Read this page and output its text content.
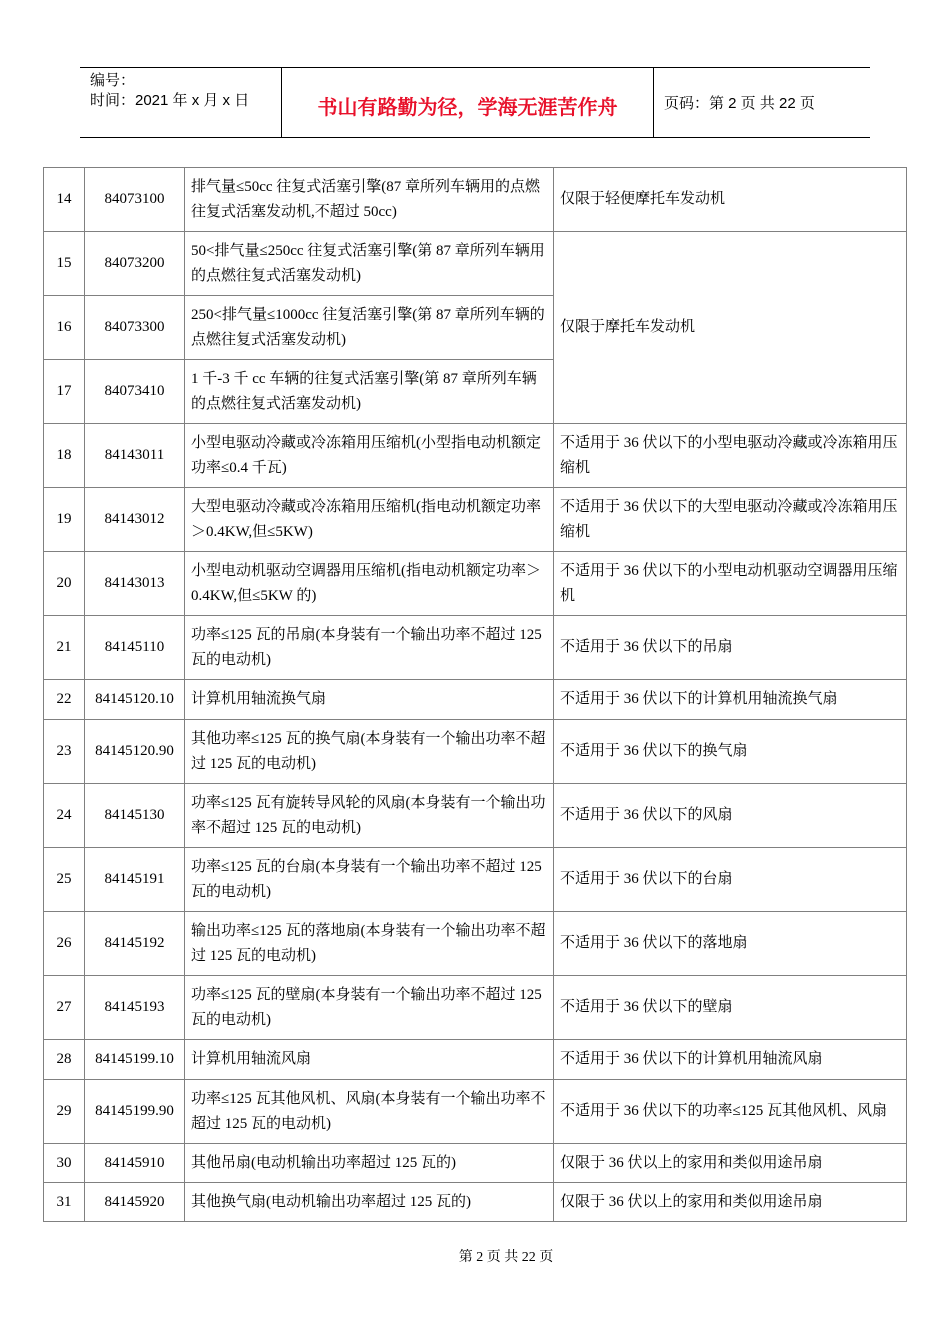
编号：
时间：2021 年 x 月 x 日	书山有路勤为径，学海无涯苦作舟	页码：第 2 页 共 22 页
14	84073100	排气量≤50cc 往复式活塞引擎(87 章所列车辆用的点燃往复式活塞发动机,不超过 50cc)	仅限于轻便摩托车发动机
15	84073200	50<排气量≤250cc 往复式活塞引擎(第 87 章所列车辆用的点燃往复式活塞发动机)	仅限于摩托车发动机
16	84073300	250<排气量≤1000cc 往复活塞引擎(第 87 章所列车辆的点燃往复式活塞发动机)	
17	84073410	1 千-3 千 cc 车辆的往复式活塞引擎(第 87 章所列车辆的点燃往复式活塞发动机)	
18	84143011	小型电驱动冷藏或冷冻箱用压缩机(小型指电动机额定功率≤0.4 千瓦)	不适用于 36 伏以下的小型电驱动冷藏或冷冻箱用压缩机
19	84143012	大型电驱动冷藏或冷冻箱用压缩机(指电动机额定功率＞0.4KW,但≤5KW)	不适用于 36 伏以下的大型电驱动冷藏或冷冻箱用压缩机
20	84143013	小型电动机驱动空调器用压缩机(指电动机额定功率＞0.4KW,但≤5KW 的)	不适用于 36 伏以下的小型电动机驱动空调器用压缩机
21	84145110	功率≤125 瓦的吊扇(本身装有一个输出功率不超过 125 瓦的电动机)	不适用于 36 伏以下的吊扇
22	84145120.10	计算机用轴流换气扇	不适用于 36 伏以下的计算机用轴流换气扇
23	84145120.90	其他功率≤125 瓦的换气扇(本身装有一个输出功率不超过 125 瓦的电动机)	不适用于 36 伏以下的换气扇
24	84145130	功率≤125 瓦有旋转导风轮的风扇(本身装有一个输出功率不超过 125 瓦的电动机)	不适用于 36 伏以下的风扇
25	84145191	功率≤125 瓦的台扇(本身装有一个输出功率不超过 125 瓦的电动机)	不适用于 36 伏以下的台扇
26	84145192	输出功率≤125 瓦的落地扇(本身装有一个输出功率不超过 125 瓦的电动机)	不适用于 36 伏以下的落地扇
27	84145193	功率≤125 瓦的壁扇(本身装有一个输出功率不超过 125 瓦的电动机)	不适用于 36 伏以下的壁扇
28	84145199.10	计算机用轴流风扇	不适用于 36 伏以下的计算机用轴流风扇
29	84145199.90	功率≤125 瓦其他风机、风扇(本身装有一个输出功率不超过 125 瓦的电动机)	不适用于 36 伏以下的功率≤125 瓦其他风机、风扇
30	84145910	其他吊扇(电动机输出功率超过 125 瓦的)	仅限于 36 伏以上的家用和类似用途吊扇
31	84145920	其他换气扇(电动机输出功率超过 125 瓦的)	仅限于 36 伏以上的家用和类似用途吊扇
第 2 页 共 22 页
